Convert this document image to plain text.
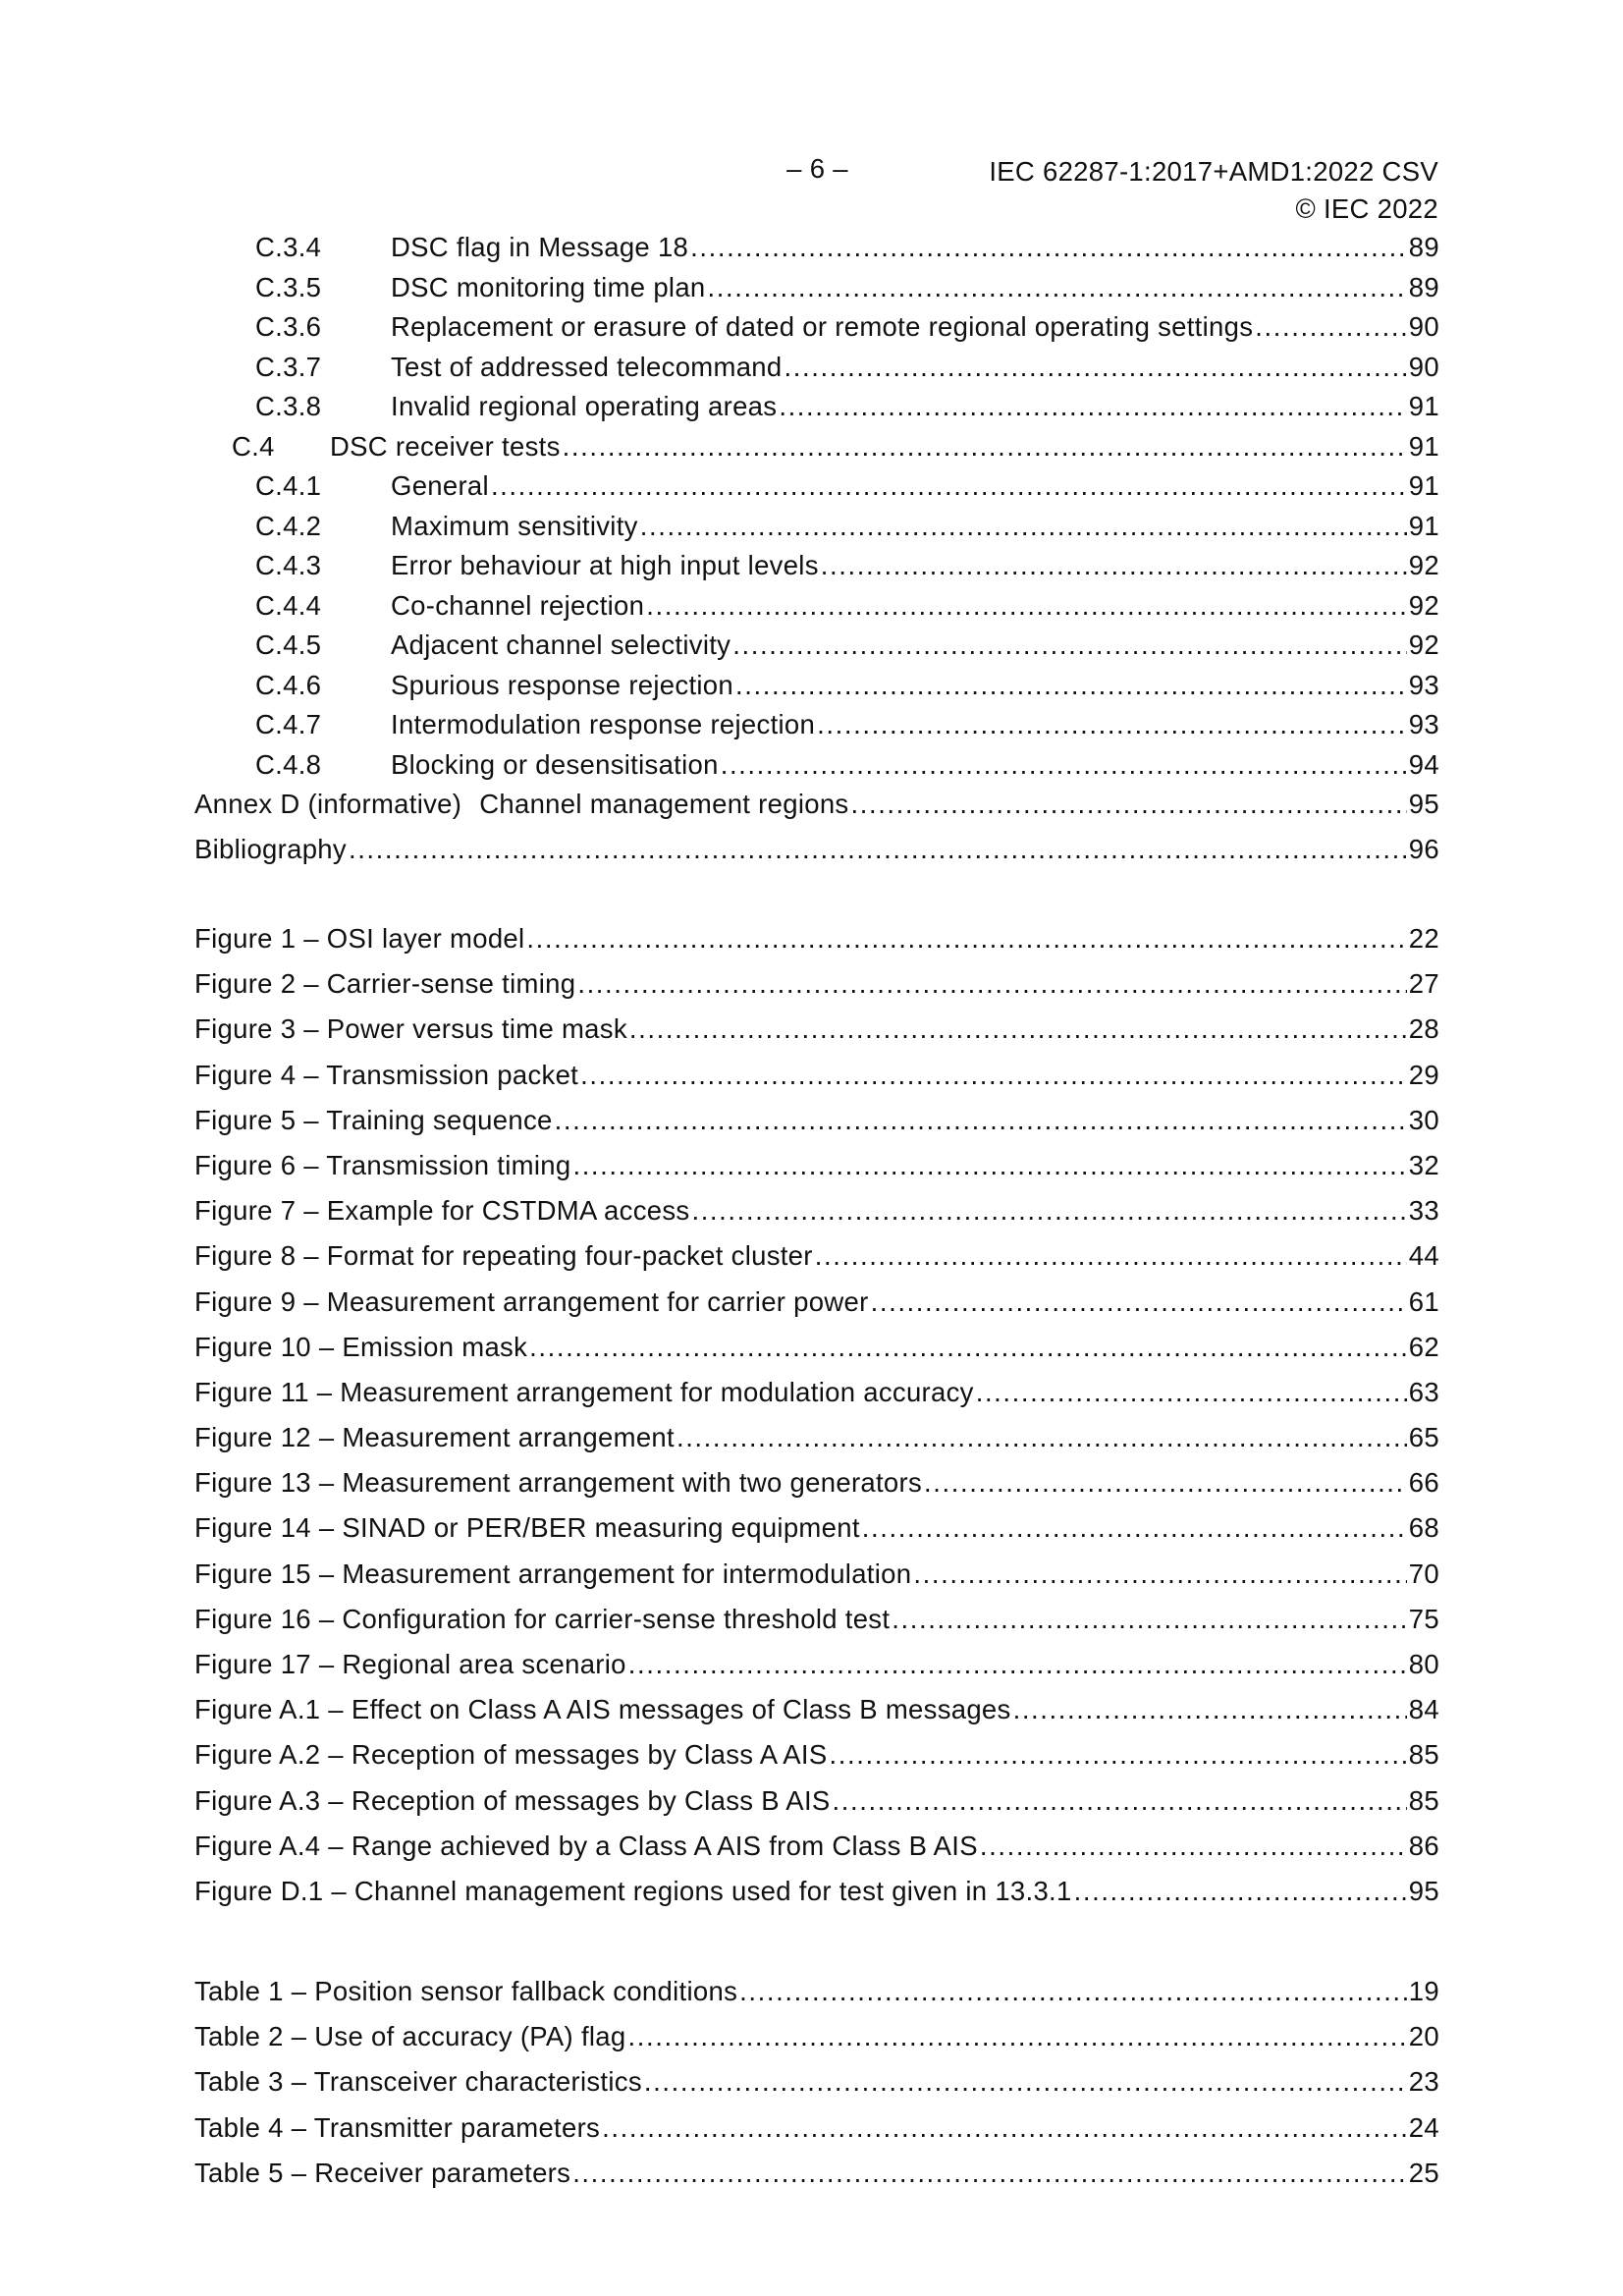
– 6 –	IEC 62287-1:2017+AMD1:2022 CSV
© IEC 2022
C.3.4	DSC flag in Message 18 .....	89
C.3.5	DSC monitoring time plan .....	89
C.3.6	Replacement or erasure of dated or remote regional operating settings .....	90
C.3.7	Test of addressed telecommand .....	90
C.3.8	Invalid regional operating areas .....	91
C.4	DSC receiver tests .....	91
C.4.1	General .....	91
C.4.2	Maximum sensitivity .....	91
C.4.3	Error behaviour at high input levels .....	92
C.4.4	Co-channel rejection .....	92
C.4.5	Adjacent channel selectivity .....	92
C.4.6	Spurious response rejection .....	93
C.4.7	Intermodulation response rejection .....	93
C.4.8	Blocking or desensitisation .....	94
Annex D (informative) Channel management regions .....	95
Bibliography .....	96
Figure 1 – OSI layer model .....	22
Figure 2 – Carrier-sense timing .....	27
Figure 3 – Power versus time mask .....	28
Figure 4 – Transmission packet .....	29
Figure 5 – Training sequence .....	30
Figure 6 – Transmission timing .....	32
Figure 7 – Example for CSTDMA access .....	33
Figure 8 – Format for repeating four-packet cluster .....	44
Figure 9 – Measurement arrangement for carrier power .....	61
Figure 10 – Emission mask .....	62
Figure 11 – Measurement arrangement for modulation accuracy .....	63
Figure 12 – Measurement arrangement .....	65
Figure 13 – Measurement arrangement with two generators .....	66
Figure 14 – SINAD or PER/BER measuring equipment .....	68
Figure 15 – Measurement arrangement for intermodulation .....	70
Figure 16 – Configuration for carrier-sense threshold test .....	75
Figure 17 – Regional area scenario .....	80
Figure A.1 – Effect on Class A AIS messages of Class B messages .....	84
Figure A.2 – Reception of messages by Class A AIS .....	85
Figure A.3 – Reception of messages by Class B AIS .....	85
Figure A.4 – Range achieved by a Class A AIS from Class B AIS .....	86
Figure D.1 – Channel management regions used for test given in 13.3.1 .....	95
Table 1 – Position sensor fallback conditions .....	19
Table 2 – Use of accuracy (PA) flag .....	20
Table 3 – Transceiver characteristics .....	23
Table 4 – Transmitter parameters .....	24
Table 5 – Receiver parameters .....	25
